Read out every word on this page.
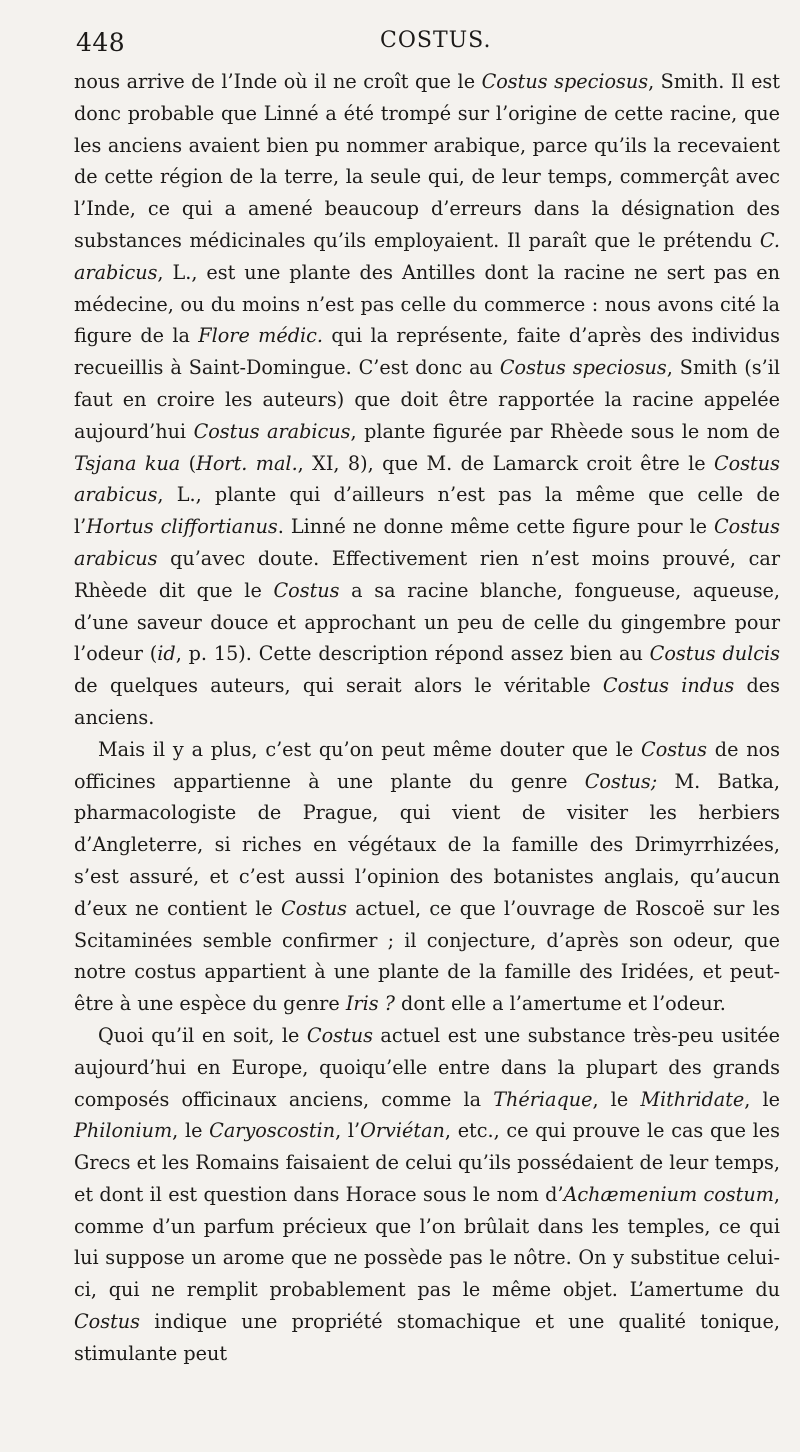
448	COSTUS.

nous arrive de l’Inde où il ne croît que le Costus speciosus, Smith. Il est donc probable que Linné a été trompé sur l’origine de cette racine, que les anciens avaient bien pu nommer arabique, parce qu’ils la recevaient de cette région de la terre, la seule qui, de leur temps, commerçât avec l’Inde, ce qui a amené beaucoup d’erreurs dans la désignation des substances médicinales qu’ils employaient. Il paraît que le prétendu C. arabicus, L., est une plante des Antilles dont la racine ne sert pas en médecine, ou du moins n’est pas celle du commerce : nous avons cité la figure de la Flore médic. qui la représente, faite d’après des individus recueillis à Saint-Domingue. C’est donc au Costus speciosus, Smith (s’il faut en croire les auteurs) que doit être rapportée la racine appelée aujourd’hui Costus arabicus, plante figurée par Rhèede sous le nom de Tsjana kua (Hort. mal., XI, 8), que M. de Lamarck croit être le Costus arabicus, L., plante qui d’ailleurs n’est pas la même que celle de l’Hortus cliffortianus. Linné ne donne même cette figure pour le Costus arabicus qu’avec doute. Effectivement rien n’est moins prouvé, car Rhèede dit que le Costus a sa racine blanche, fongueuse, aqueuse, d’une saveur douce et approchant un peu de celle du gingembre pour l’odeur (id, p. 15). Cette description répond assez bien au Costus dulcis de quelques auteurs, qui serait alors le véritable Costus indus des anciens.

Mais il y a plus, c’est qu’on peut même douter que le Costus de nos officines appartienne à une plante du genre Costus; M. Batka, pharmacologiste de Prague, qui vient de visiter les herbiers d’Angleterre, si riches en végétaux de la famille des Drimyrrhizées, s’est assuré, et c’est aussi l’opinion des botanistes anglais, qu’aucun d’eux ne contient le Costus actuel, ce que l’ouvrage de Roscoë sur les Scitaminées semble confirmer ; il conjecture, d’après son odeur, que notre costus appartient à une plante de la famille des Iridées, et peut-être à une espèce du genre Iris ? dont elle a l’amertume et l’odeur.

Quoi qu’il en soit, le Costus actuel est une substance très-peu usitée aujourd’hui en Europe, quoiqu’elle entre dans la plupart des grands composés officinaux anciens, comme la Thériaque, le Mithridate, le Philonium, le Caryoscostin, l’Orviétan, etc., ce qui prouve le cas que les Grecs et les Romains faisaient de celui qu’ils possédaient de leur temps, et dont il est question dans Horace sous le nom d’Achæmenium costum, comme d’un parfum précieux que l’on brûlait dans les temples, ce qui lui suppose un arome que ne possède pas le nôtre. On y substitue celui-ci, qui ne remplit probablement pas le même objet. L’amertume du Costus indique une propriété stomachique et une qualité tonique, stimulante peut
